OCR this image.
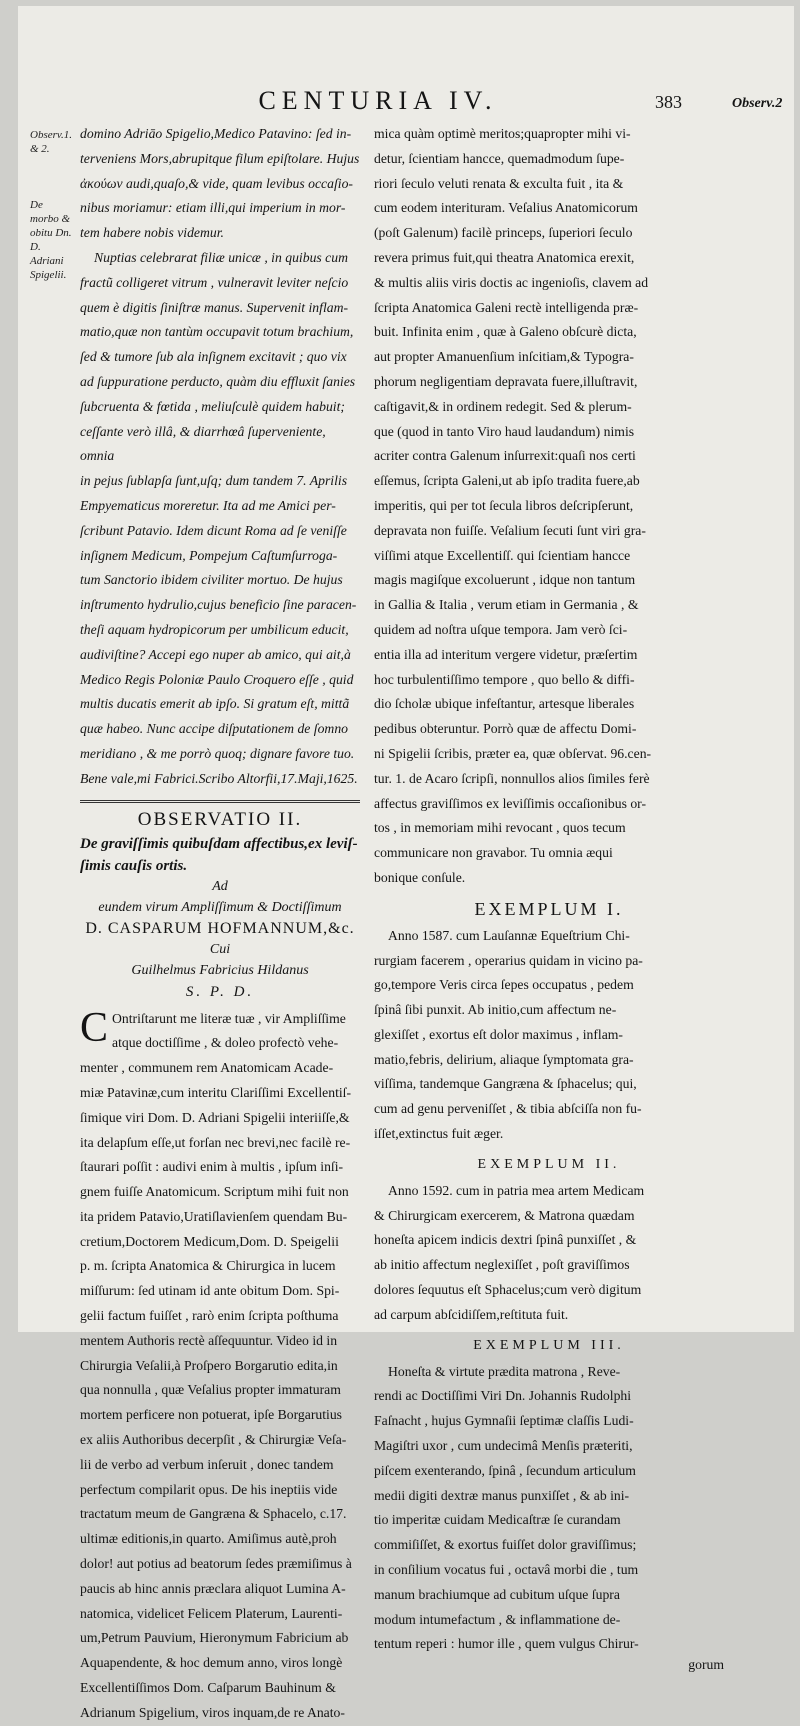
CENTURIA IV.	383	Observ.2
Observ.1. & 2.
De morbo & obitu Dn. D. Adriani Spigelii.
domino Adriāo Spigelio,Medico Patavino: ſed in-
terveniens Mors,abrupitque filum epiſtolare. Hujus
ἀκούων audi,quaſo,& vide, quam levibus occaſio-
nibus moriamur: etiam illi,qui imperium in mor-
tem habere nobis videmur.
Nuptias celebrarat filiæ unicæ , in quibus cum
fractũ colligeret vitrum , vulneravit leviter neſcio
quem è digitis ſiniſtræ manus. Supervenit inflam-
matio,quæ non tantùm occupavit totum brachium,
ſed & tumore ſub ala inſignem excitavit ; quo vix
ad ſuppuratione perducto, quàm diu effluxit ſanies
ſubcruenta & fœtida , meliuſculè quidem habuit;
ceſſante verò illâ, & diarrhœâ ſuperveniente, omnia
in pejus ſublapſa ſunt,uſq; dum tandem 7. Aprilis
Empyematicus moreretur. Ita ad me Amici per-
ſcribunt Patavio. Idem dicunt Roma ad ſe veniſſe
inſignem Medicum, Pompejum Caſtumſurroga-
tum Sanctorio ibidem civiliter mortuo. De hujus
inſtrumento hydrulio,cujus beneficio ſine paracen-
theſi aquam hydropicorum per umbilicum educit,
audiviſtine? Accepi ego nuper ab amico, qui ait,à
Medico Regis Poloniæ Paulo Croquero eſſe , quid
multis ducatis emerit ab ipſo. Si gratum eſt, mittã
quæ habeo. Nunc accipe diſputationem de ſomno
meridiano , & me porrò quoq; dignare favore tuo.
Bene vale,mi Fabrici.Scribo Altorfii,17.Maji,1625.
OBSERVATIO II.
De graviſſimis quibuſdam affectibus,ex leviſ-ſimis cauſis ortis.
Ad
eundem virum Ampliſſimum & Doctiſſimum
D. CASPARUM HOFMANNUM,&c.
Cui
Guilhelmus Fabricius Hildanus
S. P. D.
C Ontriſtarunt me literæ tuæ , vir Ampliſſime
atque doctiſſime , & doleo profectò vehe-
menter , communem rem Anatomicam Acade-
miæ Patavinæ,cum interitu Clariſſimi Excellentiſ-
ſimique viri Dom. D. Adriani Spigelii interiiſſe,&
ita delapſum eſſe,ut forſan nec brevi,nec facilè re-
ſtaurari poſſit : audivi enim à multis , ipſum inſi-
gnem fuiſſe Anatomicum. Scriptum mihi fuit non
ita pridem Patavio,Uratiſlavienſem quendam Bu-
cretium,Doctorem Medicum,Dom. D. Speigelii
p. m. ſcripta Anatomica & Chirurgica in lucem
miſſurum: ſed utinam id ante obitum Dom. Spi-
gelii factum fuiſſet , rarò enim ſcripta poſthuma
mentem Authoris rectè aſſequuntur. Video id in
Chirurgia Veſalii,à Proſpero Borgarutio edita,in
qua nonnulla , quæ Veſalius propter immaturam
mortem perficere non potuerat, ipſe Borgarutius
ex aliis Authoribus decerpſit , & Chirurgiæ Veſa-
lii de verbo ad verbum inſeruit , donec tandem
perfectum compilarit opus. De his ineptiis vide
tractatum meum de Gangræna & Sphacelo, c.17.
ultimæ editionis,in quarto. Amiſimus autè,proh
dolor! aut potius ad beatorum ſedes præmiſimus à
paucis ab hinc annis præclara aliquot Lumina A-
natomica, videlicet Felicem Platerum, Laurenti-
um,Petrum Pauvium, Hieronymum Fabricium ab
Aquapendente, & hoc demum anno, viros longè
Excellentiſſimos Dom. Caſparum Bauhinum &
Adrianum Spigelium, viros inquam,de re Anato-
mica quàm optimè meritos;quapropter mihi vi-
detur, ſcientiam hancce, quemadmodum ſupe-
riori ſeculo veluti renata & exculta fuit , ita &
cum eodem interituram. Veſalius Anatomicorum
(poſt Galenum) facilè princeps, ſuperiori ſeculo
revera primus fuit,qui theatra Anatomica erexit,
& multis aliis viris doctis ac ingenioſis, clavem ad
ſcripta Anatomica Galeni rectè intelligenda præ-
buit. Infinita enim , quæ à Galeno obſcurè dicta,
aut propter Amanuenſium inſcitiam,& Typogra-
phorum negligentiam depravata fuere,illuſtravit,
caſtigavit,& in ordinem redegit. Sed & plerum-
que (quod in tanto Viro haud laudandum) nimis
acriter contra Galenum inſurrexit:quaſi nos certi
eſſemus, ſcripta Galeni,ut ab ipſo tradita fuere,ab
imperitis, qui per tot ſecula libros deſcripſerunt,
depravata non fuiſſe. Veſalium ſecuti ſunt viri gra-
viſſimi atque Excellentiſſ. qui ſcientiam hancce
magis magiſque excoluerunt , idque non tantum
in Gallia & Italia , verum etiam in Germania , &
quidem ad noſtra uſque tempora. Jam verò ſci-
entia illa ad interitum vergere videtur, præſertim
hoc turbulentiſſimo tempore , quo bello & diffi-
dio ſcholæ ubique infeſtantur, artesque liberales
pedibus obteruntur. Porrò quæ de affectu Domi-
ni Spigelii ſcribis, præter ea, quæ obſervat. 96.cen-
tur. 1. de Acaro ſcripſi, nonnullos alios ſimiles ferè
affectus graviſſimos ex leviſſimis occaſionibus or-
tos , in memoriam mihi revocant , quos tecum
communicare non gravabor. Tu omnia æqui
bonique conſule.
EXEMPLUM I.
Anno 1587. cum Lauſannæ Equeſtrium Chi-
rurgiam facerem , operarius quidam in vicino pa-
go,tempore Veris circa ſepes occupatus , pedem
ſpinâ ſibi punxit. Ab initio,cum affectum ne-
glexiſſet , exortus eſt dolor maximus , inflam-
matio,febris, delirium, aliaque ſymptomata gra-
viſſima, tandemque Gangræna & ſphacelus; qui,
cum ad genu perveniſſet , & tibia abſciſſa non fu-
iſſet,extinctus fuit æger.
EXEMPLUM II.
Anno 1592. cum in patria mea artem Medicam
& Chirurgicam exercerem, & Matrona quædam
honeſta apicem indicis dextri ſpinâ punxiſſet , &
ab initio affectum neglexiſſet , poſt graviſſimos
dolores ſequutus eſt Sphacelus;cum verò digitum
ad carpum abſcidiſſem,reſtituta fuit.
EXEMPLUM III.
Honeſta & virtute prædita matrona , Reve-
rendi ac Doctiſſimi Viri Dn. Johannis Rudolphi
Faſnacht , hujus Gymnaſii ſeptimæ claſſis Ludi-
Magiſtri uxor , cum undecimâ Menſis præteriti,
piſcem exenterando, ſpinâ , ſecundum articulum
medii digiti dextræ manus punxiſſet , & ab ini-
tio imperitæ cuidam Medicaſtræ ſe curandam
commiſiſſet, & exortus fuiſſet dolor graviſſimus;
in conſilium vocatus fui , octavâ morbi die , tum
manum brachiumque ad cubitum uſque ſupra
modum intumefactum , & inflammatione de-
tentum reperi : humor ille , quem vulgus Chirur-
gorum
